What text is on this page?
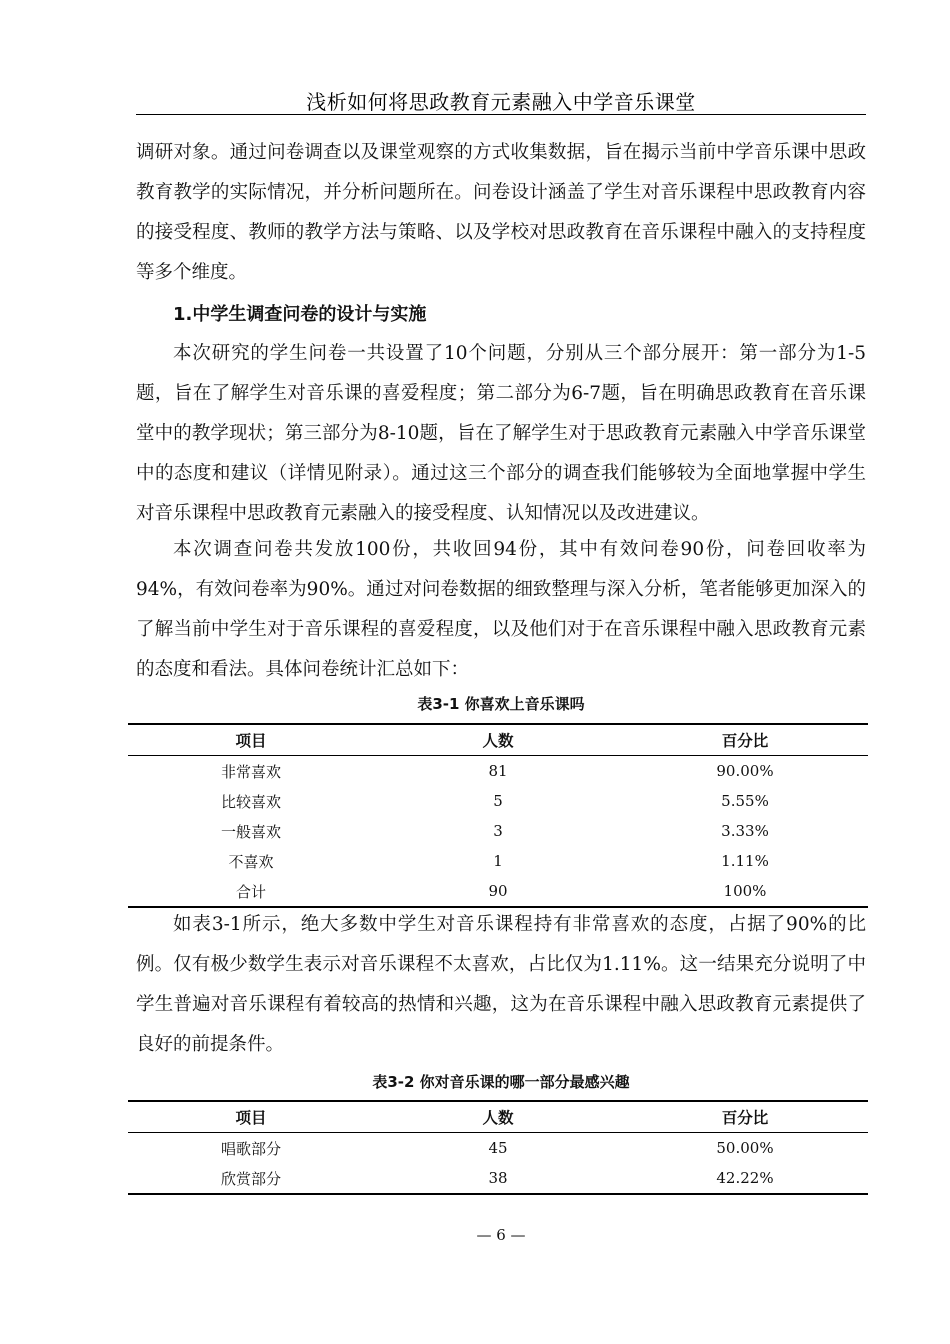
浅析如何将思政教育元素融入中学音乐课堂

调研对象。通过问卷调查以及课堂观察的方式收集数据，旨在揭示当前中学音乐课中思政教育教学的实际情况，并分析问题所在。问卷设计涵盖了学生对音乐课程中思政教育内容的接受程度、教师的教学方法与策略、以及学校对思政教育在音乐课程中融入的支持程度等多个维度。

1.中学生调查问卷的设计与实施

本次研究的学生问卷一共设置了10个问题，分别从三个部分展开：第一部分为1-5题，旨在了解学生对音乐课的喜爱程度；第二部分为6-7题，旨在明确思政教育在音乐课堂中的教学现状；第三部分为8-10题，旨在了解学生对于思政教育元素融入中学音乐课堂中的态度和建议（详情见附录）。通过这三个部分的调查我们能够较为全面地掌握中学生对音乐课程中思政教育元素融入的接受程度、认知情况以及改进建议。

本次调查问卷共发放100份，共收回94份，其中有效问卷90份，问卷回收率为94%，有效问卷率为90%。通过对问卷数据的细致整理与深入分析，笔者能够更加深入的了解当前中学生对于音乐课程的喜爱程度，以及他们对于在音乐课程中融入思政教育元素的态度和看法。具体问卷统计汇总如下：

表3-1 你喜欢上音乐课吗
项目	人数	百分比
非常喜欢	81	90.00%
比较喜欢	5	5.55%
一般喜欢	3	3.33%
不喜欢	1	1.11%
合计	90	100%

如表3-1所示，绝大多数中学生对音乐课程持有非常喜欢的态度，占据了90%的比例。仅有极少数学生表示对音乐课程不太喜欢，占比仅为1.11%。这一结果充分说明了中学生普遍对音乐课程有着较高的热情和兴趣，这为在音乐课程中融入思政教育元素提供了良好的前提条件。

表3-2 你对音乐课的哪一部分最感兴趣
项目	人数	百分比
唱歌部分	45	50.00%
欣赏部分	38	42.22%
— 6 —
